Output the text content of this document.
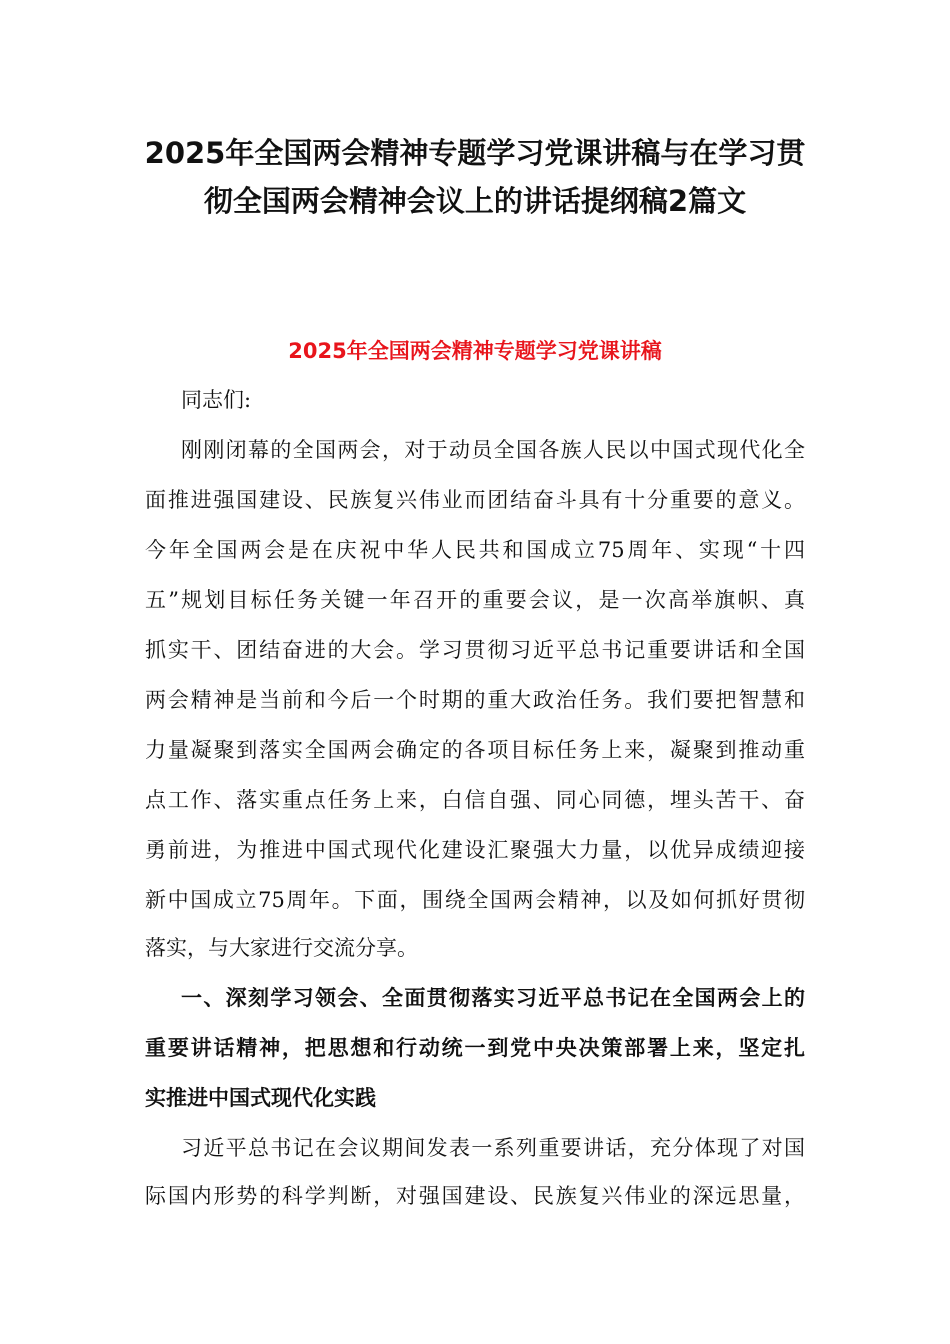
2025年全国两会精神专题学习党课讲稿与在学习贯
彻全国两会精神会议上的讲话提纲稿2篇文
2025年全国两会精神专题学习党课讲稿
同志们:
刚刚闭幕的全国两会，对于动员全国各族人民以中国式现代化全
面推进强国建设、民族复兴伟业而团结奋斗具有十分重要的意义。
今年全国两会是在庆祝中华人民共和国成立75周年、实现“十四
五”规划目标任务关键一年召开的重要会议，是一次高举旗帜、真
抓实干、团结奋进的大会。学习贯彻习近平总书记重要讲话和全国
两会精神是当前和今后一个时期的重大政治任务。我们要把智慧和
力量凝聚到落实全国两会确定的各项目标任务上来，凝聚到推动重
点工作、落实重点任务上来，白信自强、同心同德，埋头苦干、奋
勇前进，为推进中国式现代化建设汇聚强大力量，以优异成绩迎接
新中国成立75周年。下面，围绕全国两会精神，以及如何抓好贯彻
落实，与大家进行交流分享。
一、深刻学习领会、全面贯彻落实习近平总书记在全国两会上的
重要讲话精神，把思想和行动统一到党中央决策部署上来，坚定扎
实推进中国式现代化实践
习近平总书记在会议期间发表一系列重要讲话，充分体现了对国
际国内形势的科学判断，对强国建设、民族复兴伟业的深远思量，
